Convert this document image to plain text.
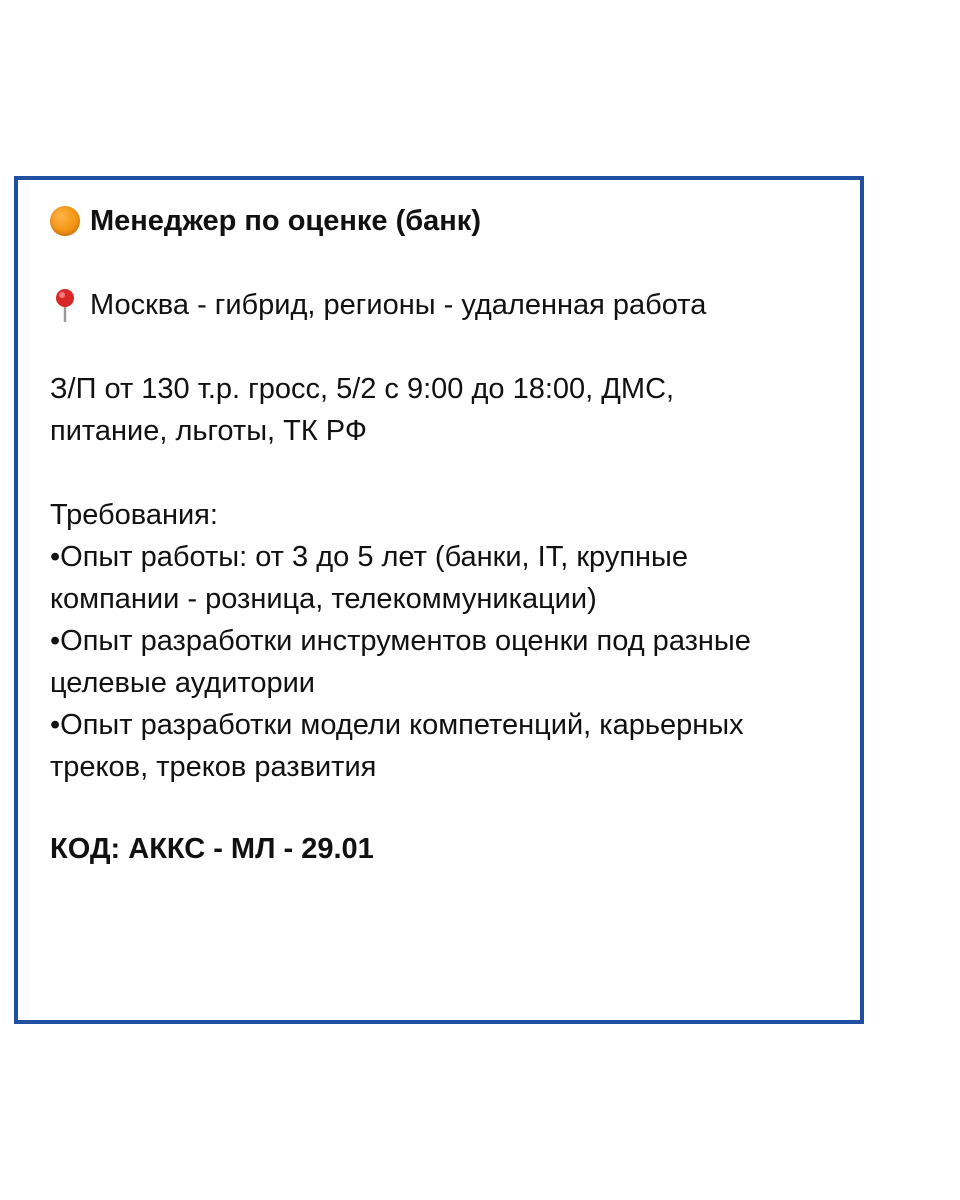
Менеджер по оценке (банк)
Москва - гибрид, регионы - удаленная работа
З/П от 130 т.р. гросс, 5/2 с 9:00 до 18:00, ДМС,
питание, льготы, ТК РФ
Требования:
•Опыт работы: от 3 до 5 лет (банки, IT, крупные
компании - розница, телекоммуникации)
•Опыт разработки инструментов оценки под разные
целевые аудитории
•Опыт разработки модели компетенций, карьерных
треков, треков развития
КОД: АККС - МЛ - 29.01
